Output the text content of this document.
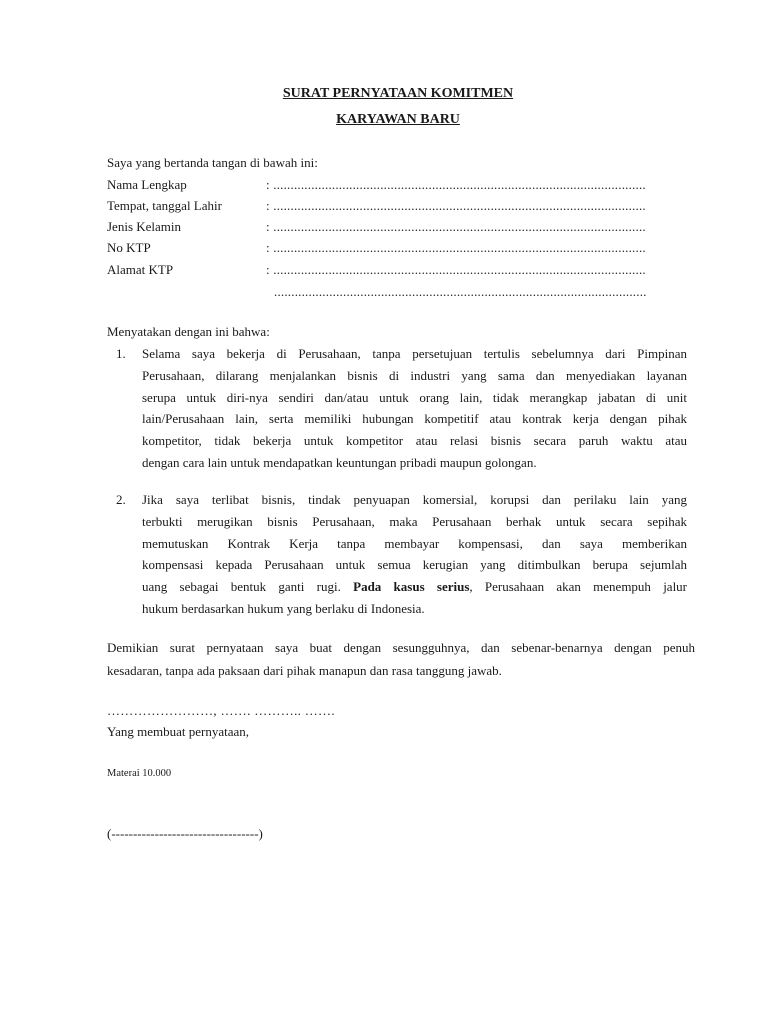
SURAT PERNYATAAN KOMITMEN
KARYAWAN BARU
Saya yang bertanda tangan di bawah ini:
Nama Lengkap	: ............................................................................................................
Tempat, tanggal Lahir	: ............................................................................................................
Jenis Kelamin	: ............................................................................................................
No KTP	: ............................................................................................................
Alamat KTP	: ............................................................................................................
............................................................................................................
Menyatakan dengan ini bahwa:
1. Selama saya bekerja di Perusahaan, tanpa persetujuan tertulis sebelumnya dari Pimpinan
Perusahaan, dilarang menjalankan bisnis di industri yang sama dan menyediakan layanan
serupa untuk diri-nya sendiri dan/atau untuk orang lain, tidak merangkap jabatan di unit
lain/Perusahaan lain, serta memiliki hubungan kompetitif atau kontrak kerja dengan pihak
kompetitor, tidak bekerja untuk kompetitor atau relasi bisnis secara paruh waktu atau
dengan cara lain untuk mendapatkan keuntungan pribadi maupun golongan.
2. Jika saya terlibat bisnis, tindak penyuapan komersial, korupsi dan perilaku lain yang
terbukti merugikan bisnis Perusahaan, maka Perusahaan berhak untuk secara sepihak
memutuskan Kontrak Kerja tanpa membayar kompensasi, dan saya memberikan
kompensasi kepada Perusahaan untuk semua kerugian yang ditimbulkan berupa sejumlah
uang sebagai bentuk ganti rugi. Pada kasus serius, Perusahaan akan menempuh jalur
hukum berdasarkan hukum yang berlaku di Indonesia.
Demikian surat pernyataan saya buat dengan sesungguhnya, dan sebenar-benarnya dengan penuh
kesadaran, tanpa ada paksaan dari pihak manapun dan rasa tanggung jawab.
……………………, ……. ……….. …….
Yang membuat pernyataan,
Materai 10.000
(----------------------------------)
